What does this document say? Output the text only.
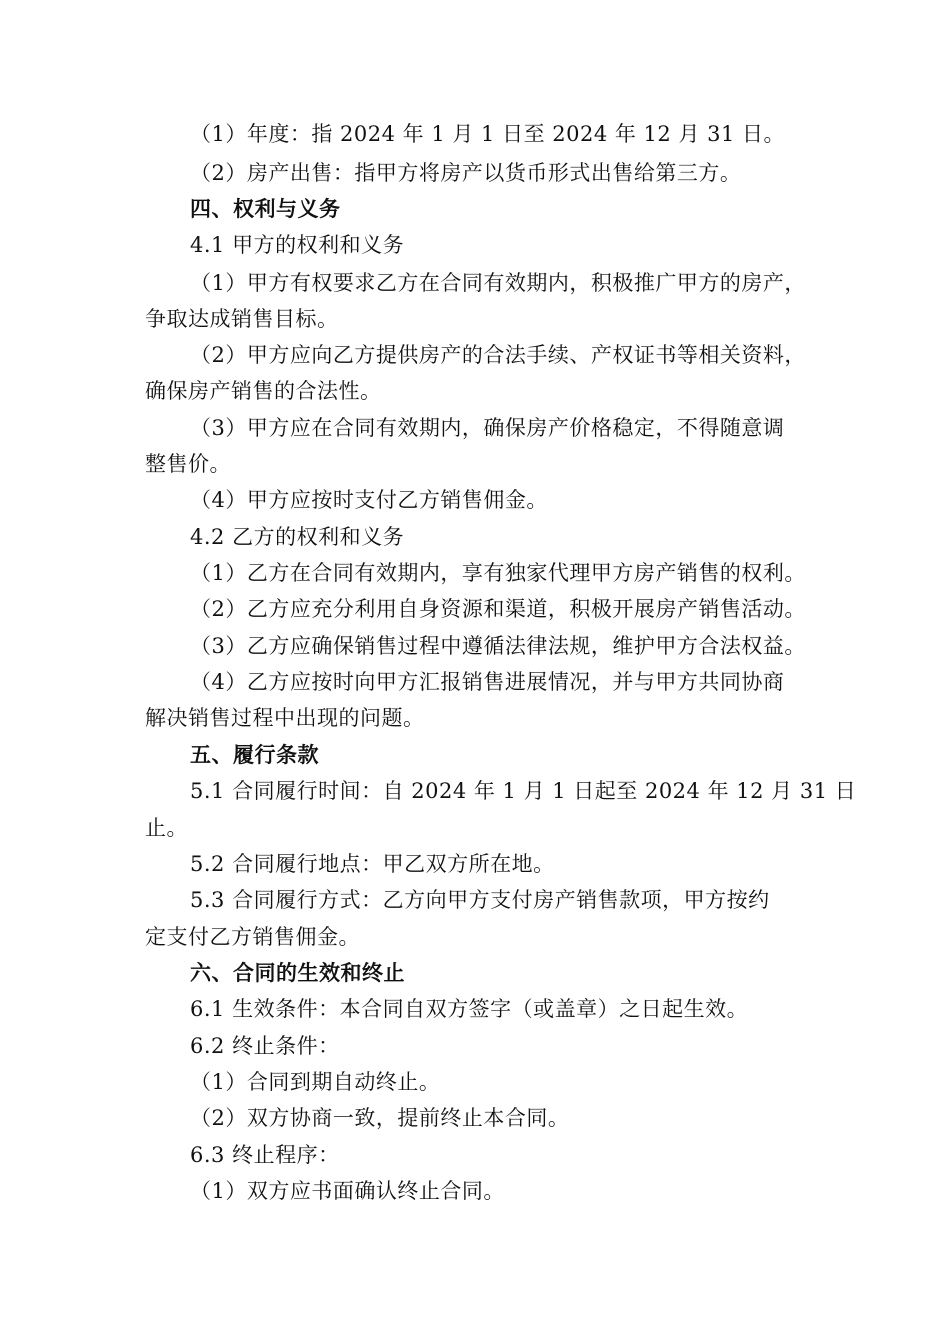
（1）年度：指 2024 年 1 月 1 日至 2024 年 12 月 31 日。
（2）房产出售：指甲方将房产以货币形式出售给第三方。
四、权利与义务
4.1 甲方的权利和义务
（1）甲方有权要求乙方在合同有效期内，积极推广甲方的房产，
争取达成销售目标。
（2）甲方应向乙方提供房产的合法手续、产权证书等相关资料，
确保房产销售的合法性。
（3）甲方应在合同有效期内，确保房产价格稳定，不得随意调
整售价。
（4）甲方应按时支付乙方销售佣金。
4.2 乙方的权利和义务
（1）乙方在合同有效期内，享有独家代理甲方房产销售的权利。
（2）乙方应充分利用自身资源和渠道，积极开展房产销售活动。
（3）乙方应确保销售过程中遵循法律法规，维护甲方合法权益。
（4）乙方应按时向甲方汇报销售进展情况，并与甲方共同协商
解决销售过程中出现的问题。
五、履行条款
5.1 合同履行时间：自 2024 年 1 月 1 日起至 2024 年 12 月 31 日
止。
5.2 合同履行地点：甲乙双方所在地。
5.3 合同履行方式：乙方向甲方支付房产销售款项，甲方按约
定支付乙方销售佣金。
六、合同的生效和终止
6.1 生效条件：本合同自双方签字（或盖章）之日起生效。
6.2 终止条件：
（1）合同到期自动终止。
（2）双方协商一致，提前终止本合同。
6.3 终止程序：
（1）双方应书面确认终止合同。
